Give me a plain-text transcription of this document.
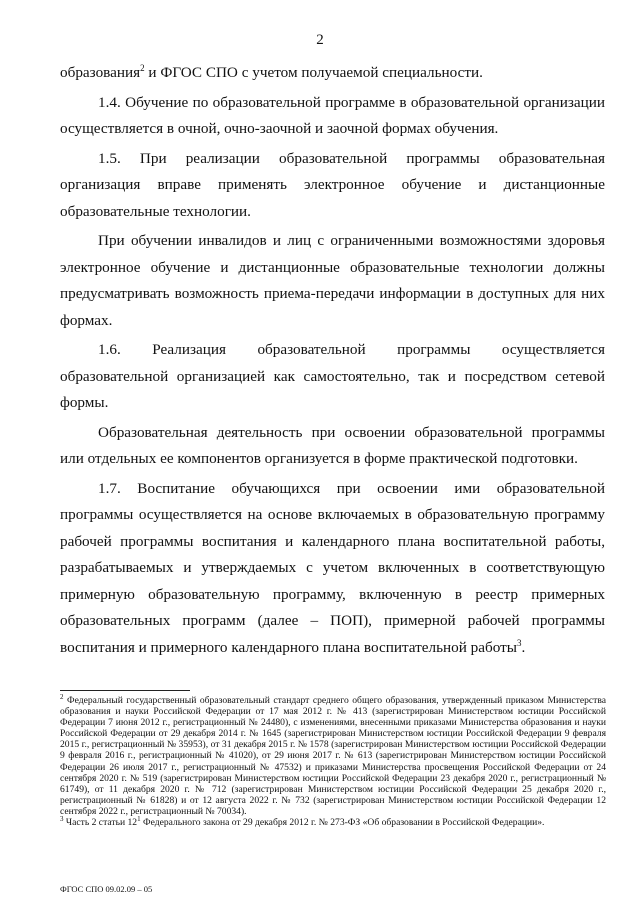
2

образования$^2$ и ФГОС СПО с учетом получаемой специальности.

1.4. Обучение по образовательной программе в образовательной организации осуществляется в очной, очно-заочной и заочной формах обучения.

1.5. При реализации образовательной программы образовательная организация вправе применять электронное обучение и дистанционные образовательные технологии.

При обучении инвалидов и лиц с ограниченными возможностями здоровья электронное обучение и дистанционные образовательные технологии должны предусматривать возможность приема-передачи информации в доступных для них формах.

1.6. Реализация образовательной программы осуществляется образовательной организацией как самостоятельно, так и посредством сетевой формы.

Образовательная деятельность при освоении образовательной программы или отдельных ее компонентов организуется в форме практической подготовки.

1.7. Воспитание обучающихся при освоении ими образовательной программы осуществляется на основе включаемых в образовательную программу рабочей программы воспитания и календарного плана воспитательной работы, разрабатываемых и утверждаемых с учетом включенных в соответствующую примерную образовательную программу, включенную в реестр примерных образовательных программ (далее – ПОП), примерной рабочей программы воспитания и примерного календарного плана воспитательной работы$^3$.

$^2$ Федеральный государственный образовательный стандарт среднего общего образования, утвержденный приказом Министерства образования и науки Российской Федерации от 17 мая 2012 г. № 413 (зарегистрирован Министерством юстиции Российской Федерации 7 июня 2012 г., регистрационный № 24480), с изменениями, внесенными приказами Министерства образования и науки Российской Федерации от 29 декабря 2014 г. № 1645 (зарегистрирован Министерством юстиции Российской Федерации 9 февраля 2015 г., регистрационный № 35953), от 31 декабря 2015 г. № 1578 (зарегистрирован Министерством юстиции Российской Федерации 9 февраля 2016 г., регистрационный № 41020), от 29 июня 2017 г. № 613 (зарегистрирован Министерством юстиции Российской Федерации 26 июля 2017 г., регистрационный № 47532) и приказами Министерства просвещения Российской Федерации от 24 сентября 2020 г. № 519 (зарегистрирован Министерством юстиции Российской Федерации 23 декабря 2020 г., регистрационный № 61749), от 11 декабря 2020 г. № 712 (зарегистрирован Министерством юстиции Российской Федерации 25 декабря 2020 г., регистрационный № 61828) и от 12 августа 2022 г. № 732 (зарегистрирован Министерством юстиции Российской Федерации 12 сентября 2022 г., регистрационный № 70034).

$^3$ Часть 2 статьи $12^1$ Федерального закона от 29 декабря 2012 г. № 273-ФЗ «Об образовании в Российской Федерации».

ФГОС СПО 09.02.09 – 05
